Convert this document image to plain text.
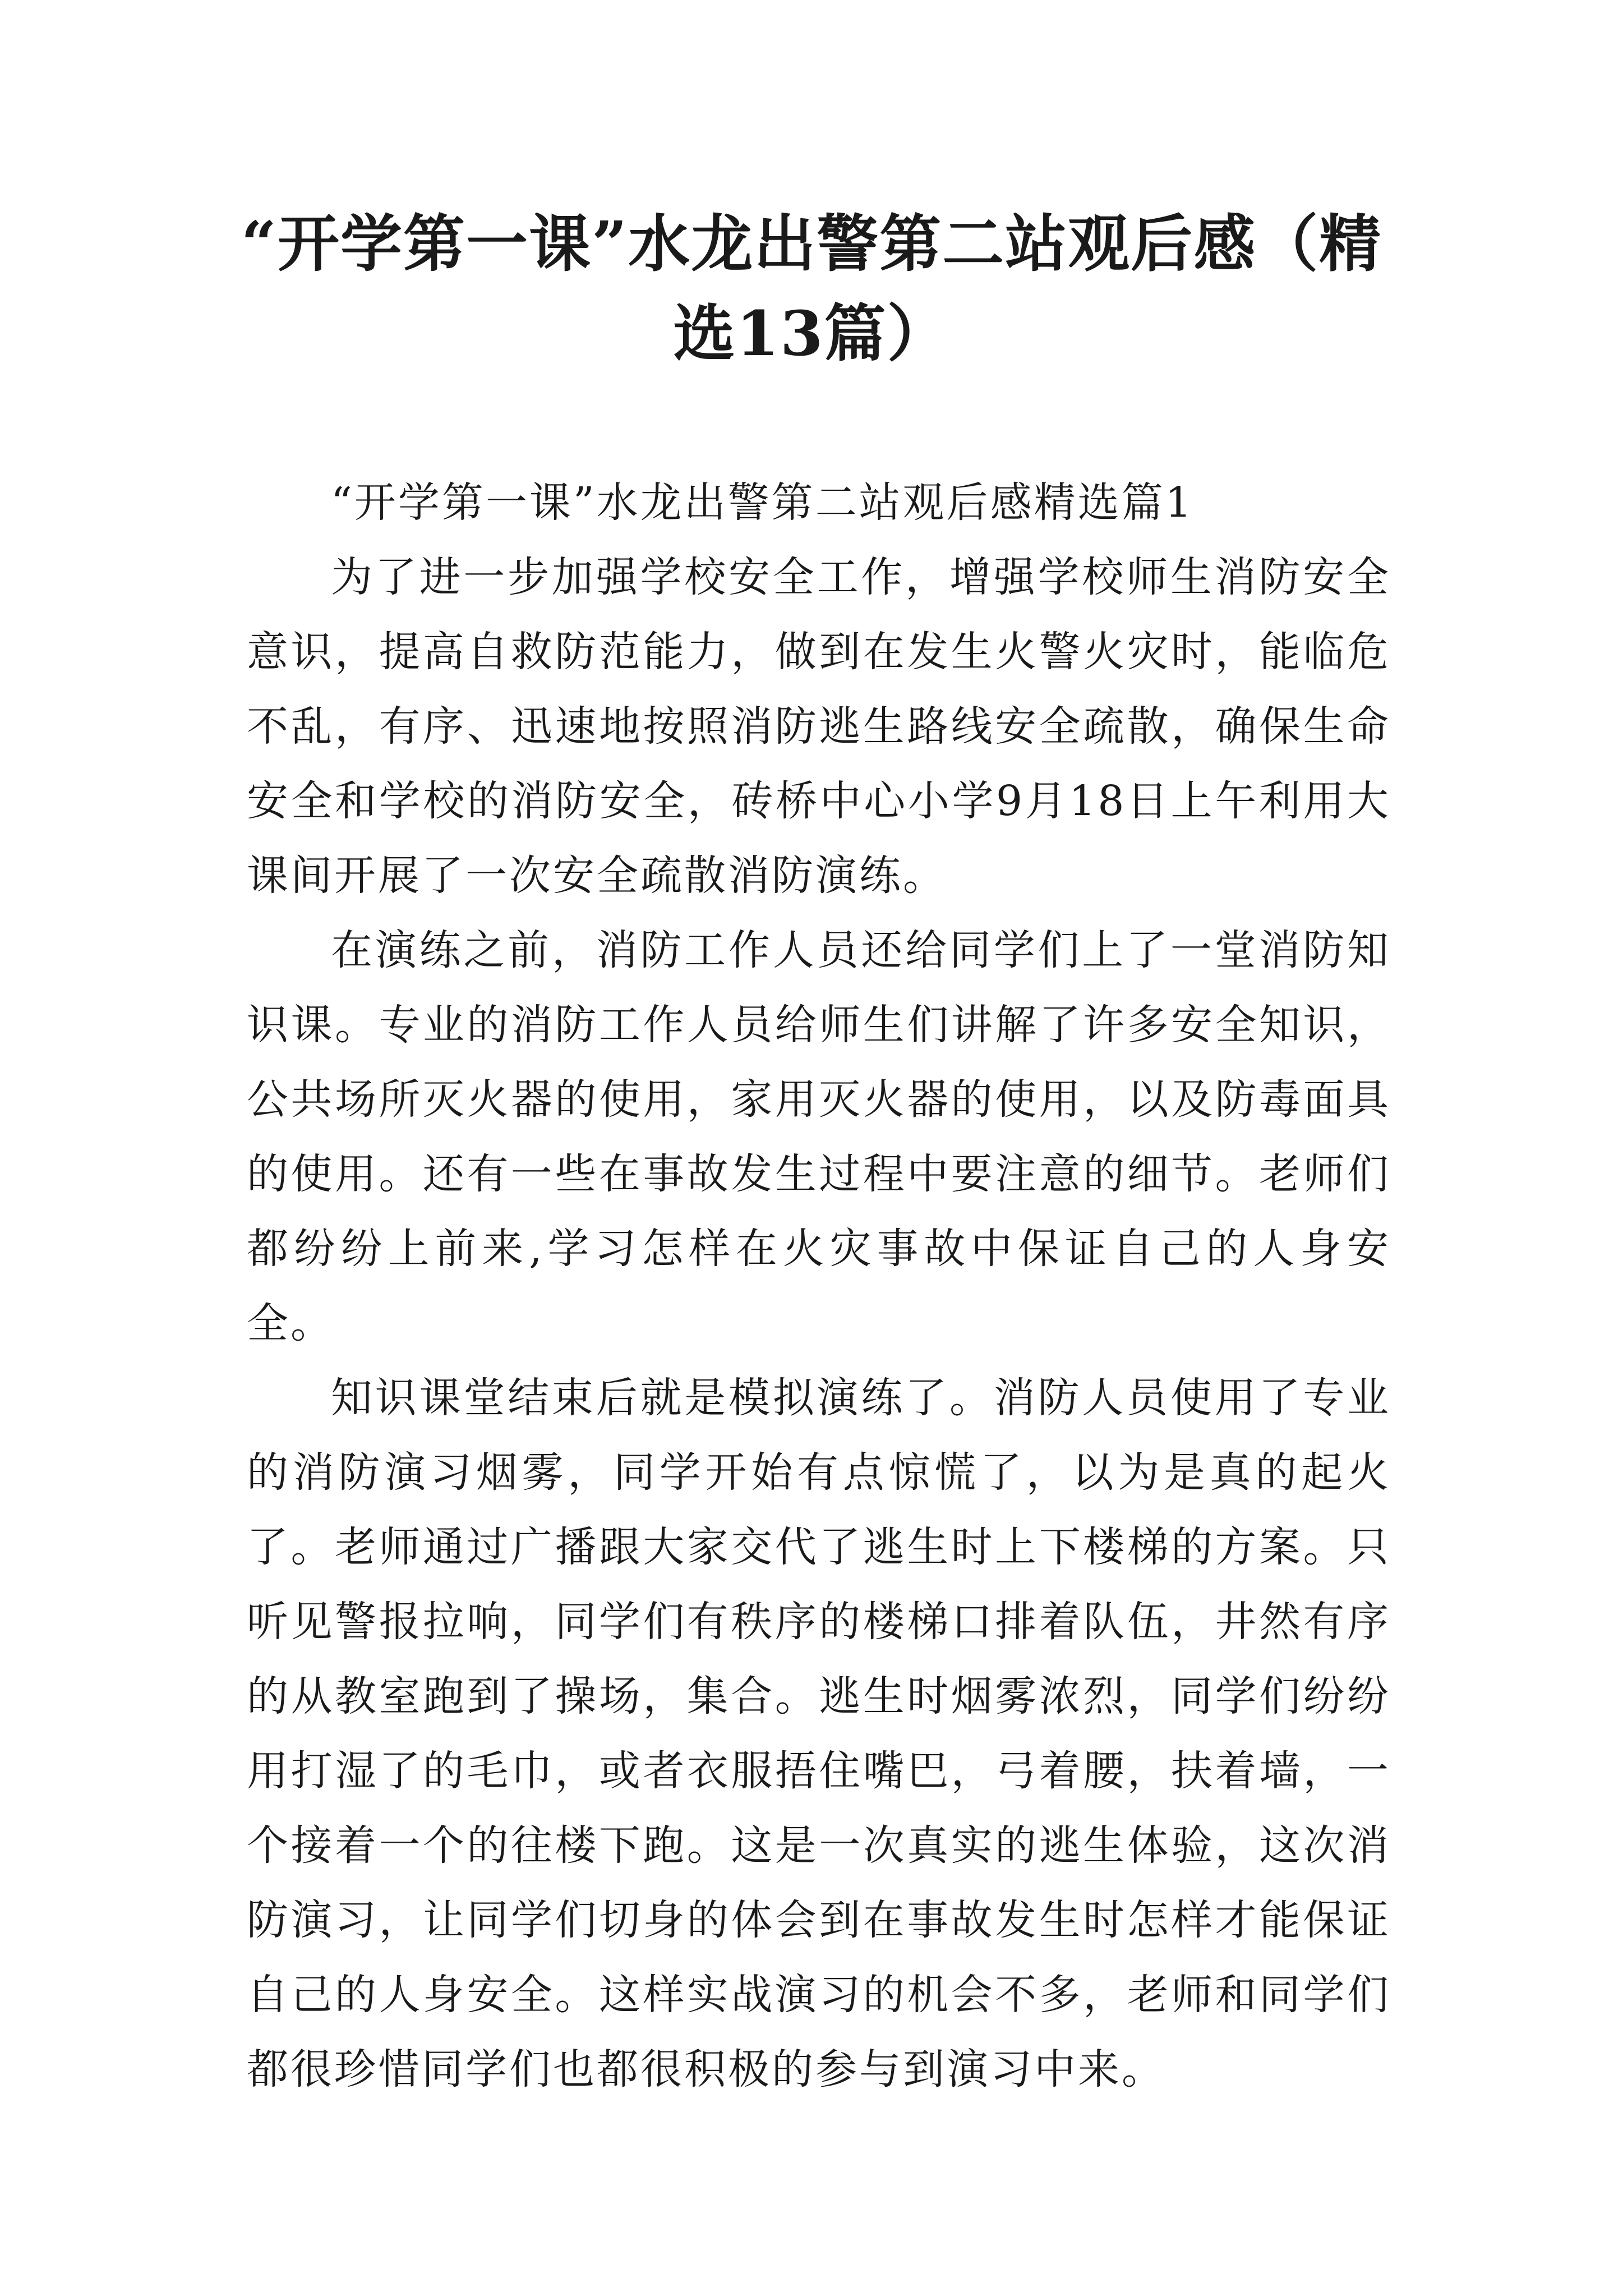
“开学第一课”水龙出警第二站观后感（精选13篇）

“开学第一课”水龙出警第二站观后感精选篇1

为了进一步加强学校安全工作，增强学校师生消防安全意识，提高自救防范能力，做到在发生火警火灾时，能临危不乱，有序、迅速地按照消防逃生路线安全疏散，确保生命安全和学校的消防安全，砖桥中心小学9月18日上午利用大课间开展了一次安全疏散消防演练。

在演练之前，消防工作人员还给同学们上了一堂消防知识课。专业的消防工作人员给师生们讲解了许多安全知识，公共场所灭火器的使用，家用灭火器的使用，以及防毒面具的使用。还有一些在事故发生过程中要注意的细节。老师们都纷纷上前来,学习怎样在火灾事故中保证自己的人身安全。

知识课堂结束后就是模拟演练了。消防人员使用了专业的消防演习烟雾，同学开始有点惊慌了，以为是真的起火了。老师通过广播跟大家交代了逃生时上下楼梯的方案。只听见警报拉响，同学们有秩序的楼梯口排着队伍，井然有序的从教室跑到了操场，集合。逃生时烟雾浓烈，同学们纷纷用打湿了的毛巾，或者衣服捂住嘴巴，弓着腰，扶着墙，一个接着一个的往楼下跑。这是一次真实的逃生体验，这次消防演习，让同学们切身的体会到在事故发生时怎样才能保证自己的人身安全。这样实战演习的机会不多，老师和同学们都很珍惜同学们也都很积极的参与到演习中来。
